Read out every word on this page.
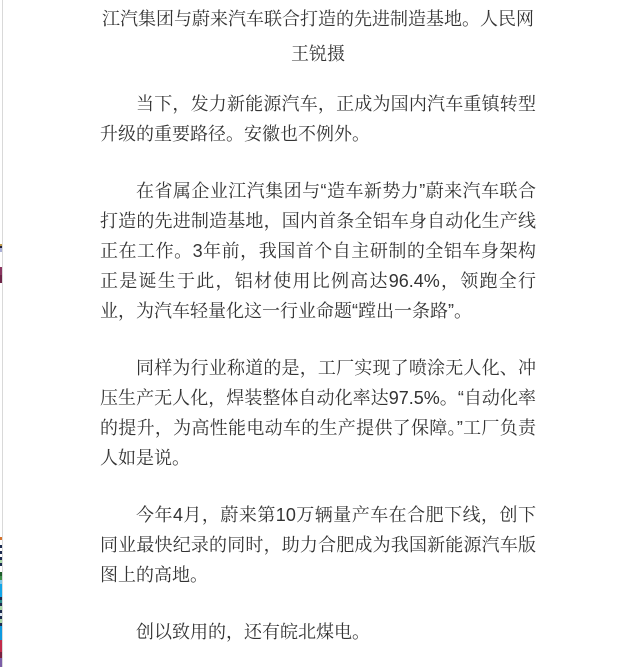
江汽集团与蔚来汽车联合打造的先进制造基地。人民网 王锐摄

当下，发力新能源汽车，正成为国内汽车重镇转型升级的重要路径。安徽也不例外。

在省属企业江汽集团与“造车新势力”蔚来汽车联合打造的先进制造基地，国内首条全铝车身自动化生产线正在工作。3年前，我国首个自主研制的全铝车身架构正是诞生于此，铝材使用比例高达96.4%，领跑全行业，为汽车轻量化这一行业命题“蹚出一条路”。

同样为行业称道的是，工厂实现了喷涂无人化、冲压生产无人化，焊装整体自动化率达97.5%。“自动化率的提升，为高性能电动车的生产提供了保障。”工厂负责人如是说。

今年4月，蔚来第10万辆量产车在合肥下线，创下同业最快纪录的同时，助力合肥成为我国新能源汽车版图上的高地。

创以致用的，还有皖北煤电。
